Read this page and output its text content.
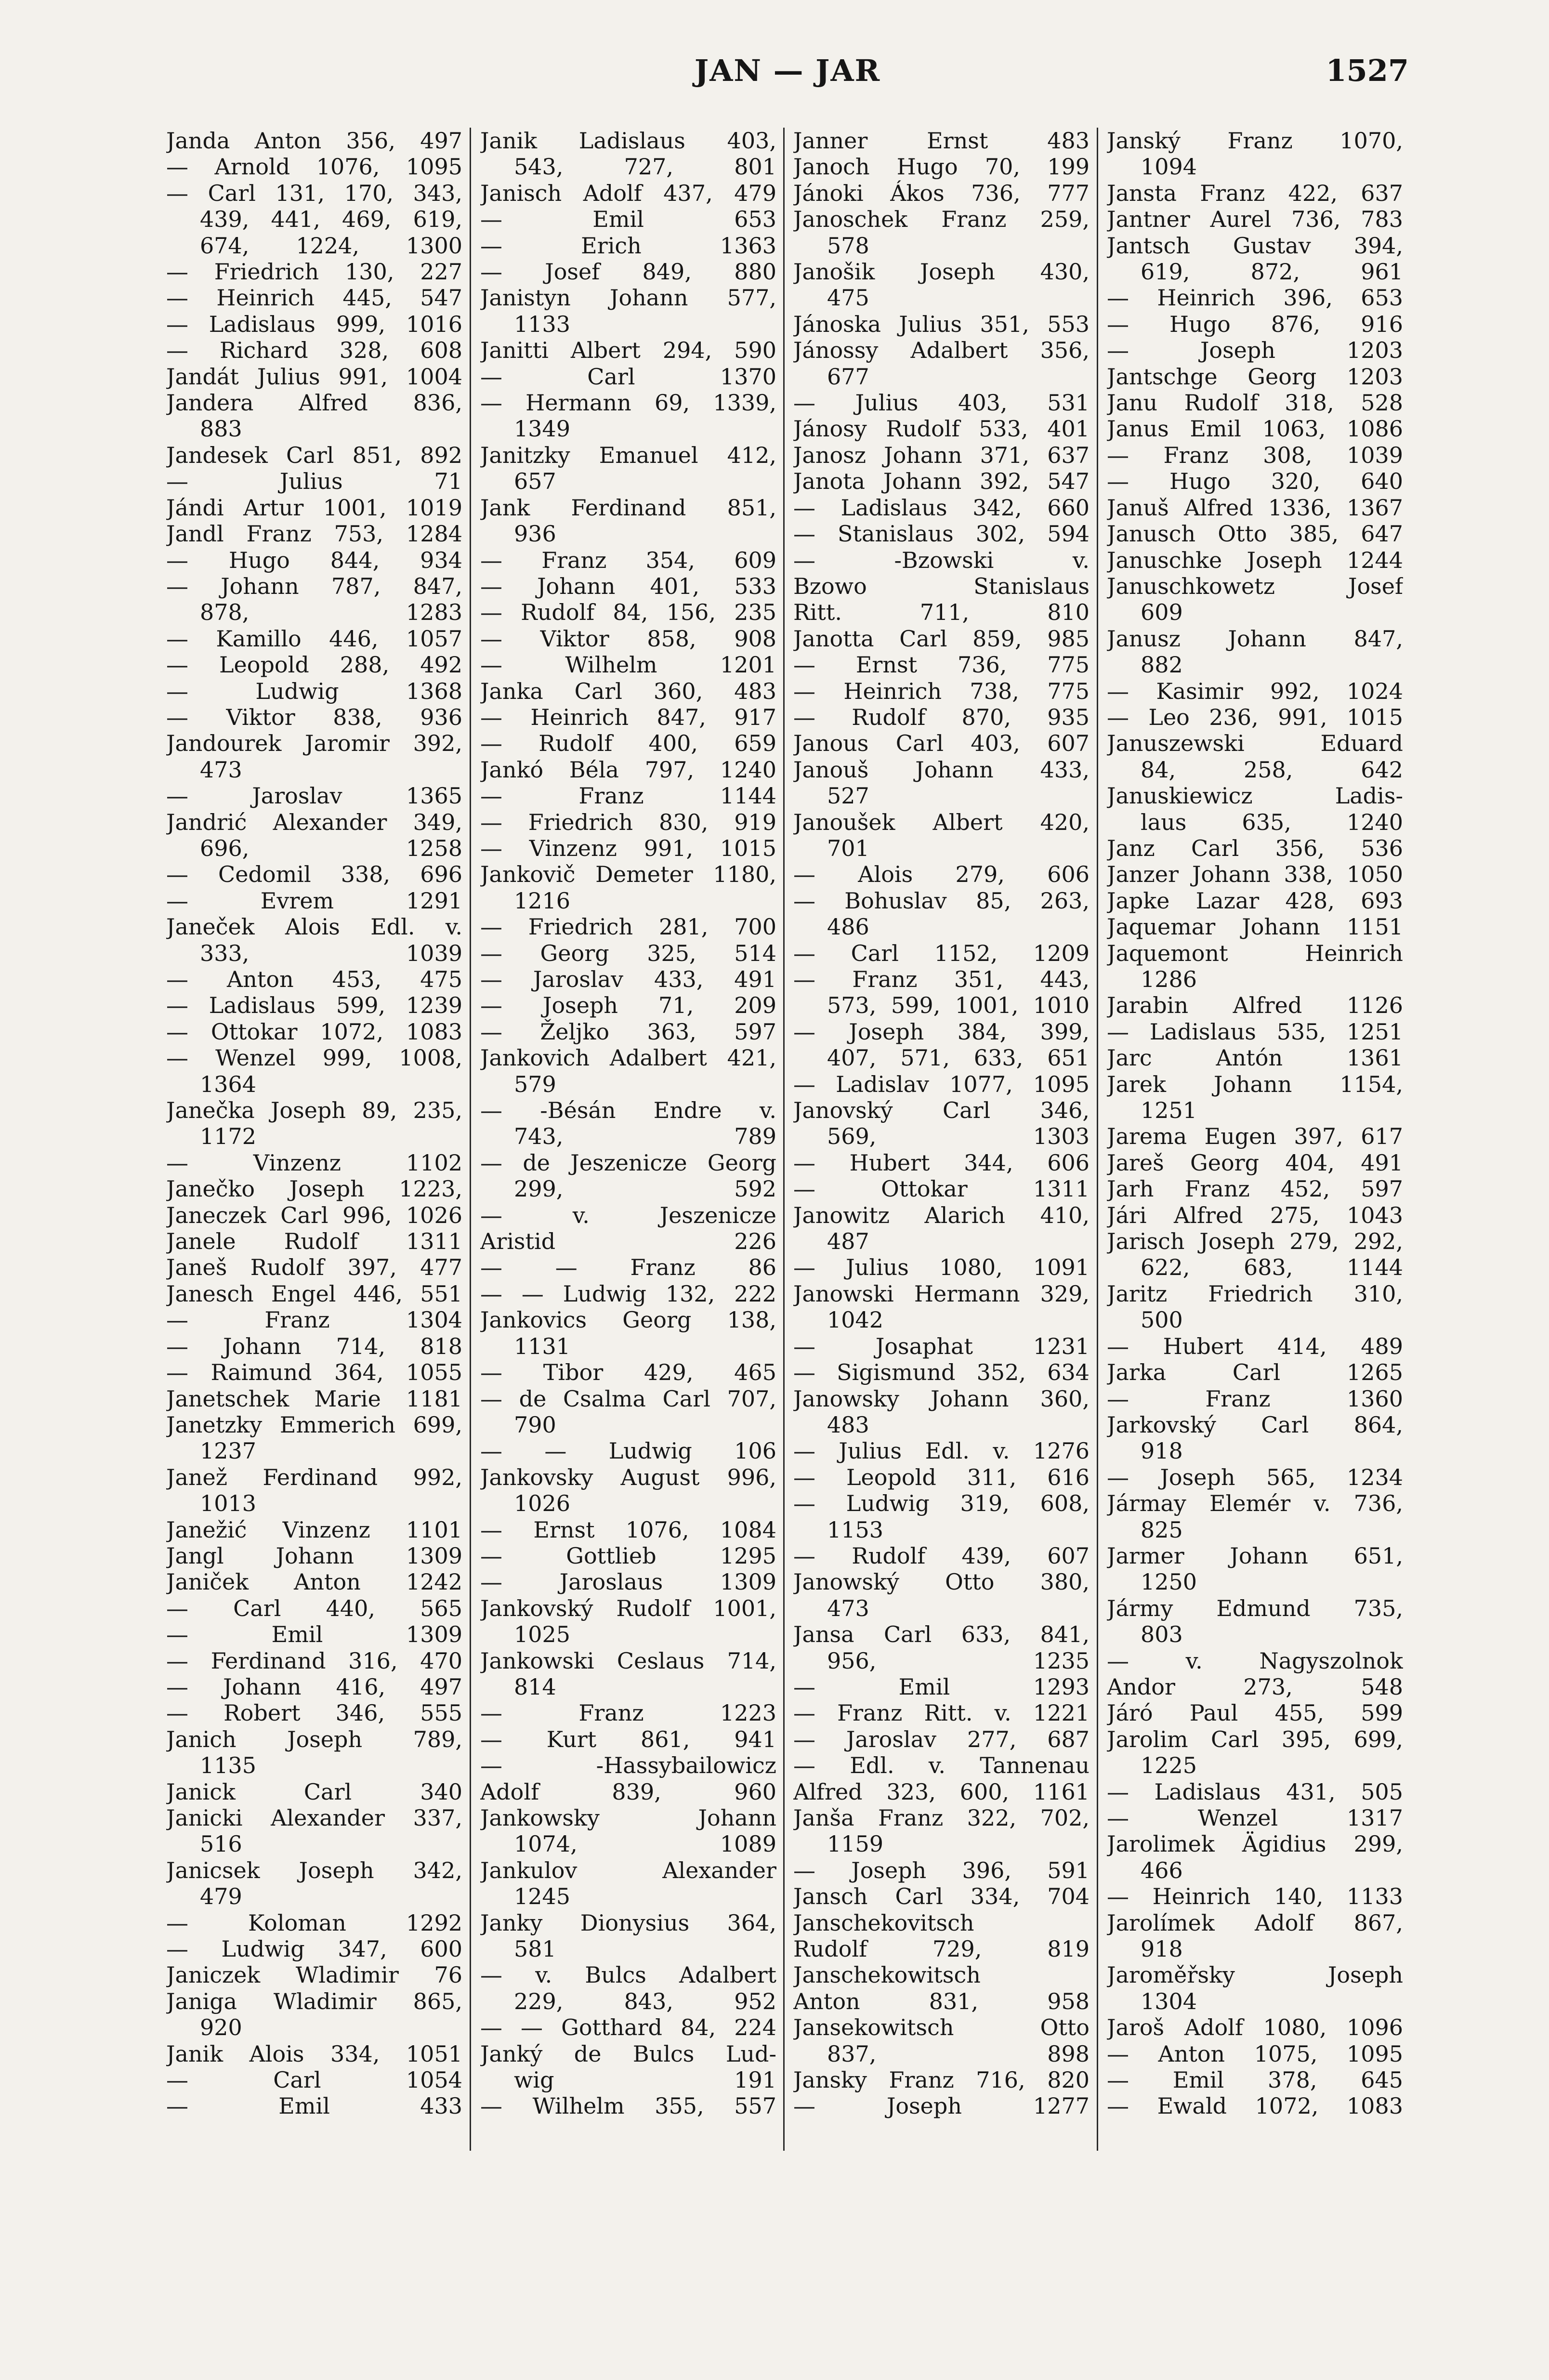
JAN — JAR	1527
Janda Anton 356, 497
— Arnold 1076, 1095
— Carl 131, 170, 343,
439, 441, 469, 619,
674, 1224, 1300
— Friedrich 130, 227
— Heinrich 445, 547
— Ladislaus 999, 1016
— Richard 328, 608
Jandát Julius 991, 1004
Jandera Alfred 836,
883
Jandesek Carl 851, 892
— Julius 71
Jándi Artur 1001, 1019
Jandl Franz 753, 1284
— Hugo 844, 934
— Johann 787, 847,
878, 1283
— Kamillo 446, 1057
— Leopold 288, 492
— Ludwig 1368
— Viktor 838, 936
Jandourek Jaromir 392,
473
— Jaroslav 1365
Jandrić Alexander 349,
696, 1258
— Cedomil 338, 696
— Evrem 1291
Janeček Alois Edl. v.
333, 1039
— Anton 453, 475
— Ladislaus 599, 1239
— Ottokar 1072, 1083
— Wenzel 999, 1008,
1364
Janečka Joseph 89, 235,
1172
— Vinzenz 1102
Janečko Joseph 1223,
Janeczek Carl 996, 1026
Janele Rudolf 1311
Janeš Rudolf 397, 477
Janesch Engel 446, 551
— Franz 1304
— Johann 714, 818
— Raimund 364, 1055
Janetschek Marie 1181
Janetzky Emmerich 699,
1237
Janež Ferdinand 992,
1013
Janežić Vinzenz 1101
Jangl Johann 1309
Janiček Anton 1242
— Carl 440, 565
— Emil 1309
— Ferdinand 316, 470
— Johann 416, 497
— Robert 346, 555
Janich Joseph 789,
1135
Janick Carl 340
Janicki Alexander 337,
516
Janicsek Joseph 342,
479
— Koloman 1292
— Ludwig 347, 600
Janiczek Wladimir 76
Janiga Wladimir 865,
920
Janik Alois 334, 1051
— Carl 1054
— Emil 433
Janik Ladislaus 403,
543, 727, 801
Janisch Adolf 437, 479
— Emil 653
— Erich 1363
— Josef 849, 880
Janistyn Johann 577,
1133
Janitti Albert 294, 590
— Carl 1370
— Hermann 69, 1339,
1349
Janitzky Emanuel 412,
657
Jank Ferdinand 851,
936
— Franz 354, 609
— Johann 401, 533
— Rudolf 84, 156, 235
— Viktor 858, 908
— Wilhelm 1201
Janka Carl 360, 483
— Heinrich 847, 917
— Rudolf 400, 659
Jankó Béla 797, 1240
— Franz 1144
— Friedrich 830, 919
— Vinzenz 991, 1015
Jankovič Demeter 1180,
1216
— Friedrich 281, 700
— Georg 325, 514
— Jaroslav 433, 491
— Joseph 71, 209
— Željko 363, 597
Jankovich Adalbert 421,
579
— -Bésán Endre v.
743, 789
— de Jeszenicze Georg
299, 592
— v. Jeszenicze
Aristid 226
— — Franz 86
— — Ludwig 132, 222
Jankovics Georg 138,
1131
— Tibor 429, 465
— de Csalma Carl 707,
790
— — Ludwig 106
Jankovsky August 996,
1026
— Ernst 1076, 1084
— Gottlieb 1295
— Jaroslaus 1309
Jankovský Rudolf 1001,
1025
Jankowski Ceslaus 714,
814
— Franz 1223
— Kurt 861, 941
— -Hassybailowicz
Adolf 839, 960
Jankowsky Johann
1074, 1089
Jankulov Alexander
1245
Janky Dionysius 364,
581
— v. Bulcs Adalbert
229, 843, 952
— — Gotthard 84, 224
Janký de Bulcs Lud-
wig 191
— Wilhelm 355, 557
Janner Ernst 483
Janoch Hugo 70, 199
Jánoki Ákos 736, 777
Janoschek Franz 259,
578
Janošik Joseph 430,
475
Jánoska Julius 351, 553
Jánossy Adalbert 356,
677
— Julius 403, 531
Jánosy Rudolf 533, 401
Janosz Johann 371, 637
Janota Johann 392, 547
— Ladislaus 342, 660
— Stanislaus 302, 594
— -Bzowski v.
Bzowo Stanislaus
Ritt. 711, 810
Janotta Carl 859, 985
— Ernst 736, 775
— Heinrich 738, 775
— Rudolf 870, 935
Janous Carl 403, 607
Janouš Johann 433,
527
Janoušek Albert 420,
701
— Alois 279, 606
— Bohuslav 85, 263,
486
— Carl 1152, 1209
— Franz 351, 443,
573, 599, 1001, 1010
— Joseph 384, 399,
407, 571, 633, 651
— Ladislav 1077, 1095
Janovský Carl 346,
569, 1303
— Hubert 344, 606
— Ottokar 1311
Janowitz Alarich 410,
487
— Julius 1080, 1091
Janowski Hermann 329,
1042
— Josaphat 1231
— Sigismund 352, 634
Janowsky Johann 360,
483
— Julius Edl. v. 1276
— Leopold 311, 616
— Ludwig 319, 608,
1153
— Rudolf 439, 607
Janowský Otto 380,
473
Jansa Carl 633, 841,
956, 1235
— Emil 1293
— Franz Ritt. v. 1221
— Jaroslav 277, 687
— Edl. v. Tannenau
Alfred 323, 600, 1161
Janša Franz 322, 702,
1159
— Joseph 396, 591
Jansch Carl 334, 704
Janschekovitsch
Rudolf 729, 819
Janschekowitsch
Anton 831, 958
Jansekowitsch Otto
837, 898
Jansky Franz 716, 820
— Joseph 1277
Janský Franz 1070,
1094
Jansta Franz 422, 637
Jantner Aurel 736, 783
Jantsch Gustav 394,
619, 872, 961
— Heinrich 396, 653
— Hugo 876, 916
— Joseph 1203
Jantschge Georg 1203
Janu Rudolf 318, 528
Janus Emil 1063, 1086
— Franz 308, 1039
— Hugo 320, 640
Januš Alfred 1336, 1367
Janusch Otto 385, 647
Januschke Joseph 1244
Januschkowetz Josef
609
Janusz Johann 847,
882
— Kasimir 992, 1024
— Leo 236, 991, 1015
Januszewski Eduard
84, 258, 642
Januskiewicz Ladis-
laus 635, 1240
Janz Carl 356, 536
Janzer Johann 338, 1050
Japke Lazar 428, 693
Jaquemar Johann 1151
Jaquemont Heinrich
1286
Jarabin Alfred 1126
— Ladislaus 535, 1251
Jarc Antón 1361
Jarek Johann 1154,
1251
Jarema Eugen 397, 617
Jareš Georg 404, 491
Jarh Franz 452, 597
Jári Alfred 275, 1043
Jarisch Joseph 279, 292,
622, 683, 1144
Jaritz Friedrich 310,
500
— Hubert 414, 489
Jarka Carl 1265
— Franz 1360
Jarkovský Carl 864,
918
— Joseph 565, 1234
Jármay Elemér v. 736,
825
Jarmer Johann 651,
1250
Jármy Edmund 735,
803
— v. Nagyszolnok
Andor 273, 548
Járó Paul 455, 599
Jarolim Carl 395, 699,
1225
— Ladislaus 431, 505
— Wenzel 1317
Jarolimek Ägidius 299,
466
— Heinrich 140, 1133
Jarolímek Adolf 867,
918
Jaroměřsky Joseph
1304
Jaroš Adolf 1080, 1096
— Anton 1075, 1095
— Emil 378, 645
— Ewald 1072, 1083
